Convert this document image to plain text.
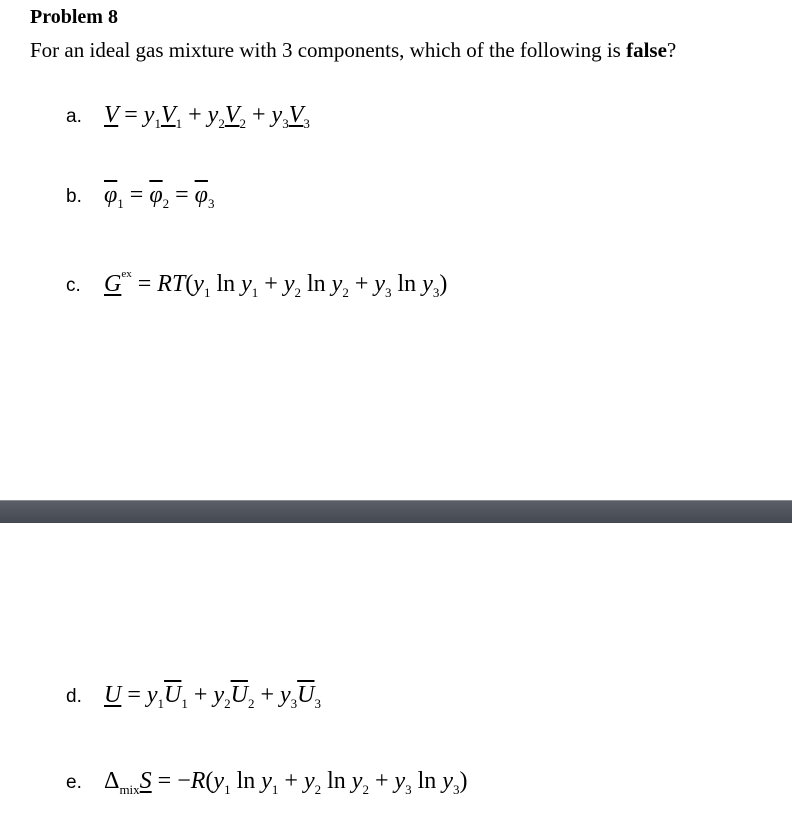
Problem 8
For an ideal gas mixture with 3 components, which of the following is false?
a. $V = y_1V_1 + y_2V_2 + y_3V_3$
b. $\overline{\varphi}_1 = \overline{\varphi}_2 = \overline{\varphi}_3$
c. $G^{ex} = RT(y_1$ $\ln y_1 + y_2$ $\ln y_2 + y_3$ $\ln y_3$)
d. $U = y_1\overline{U}_1 + y_2\overline{U}_2 + y_3\overline{U}_3$
e. $\Delta_{mix}S = -R(y_1$ $\ln y_1 + y_2$ $\ln y_2 + y_3$ $\ln y_3$)
